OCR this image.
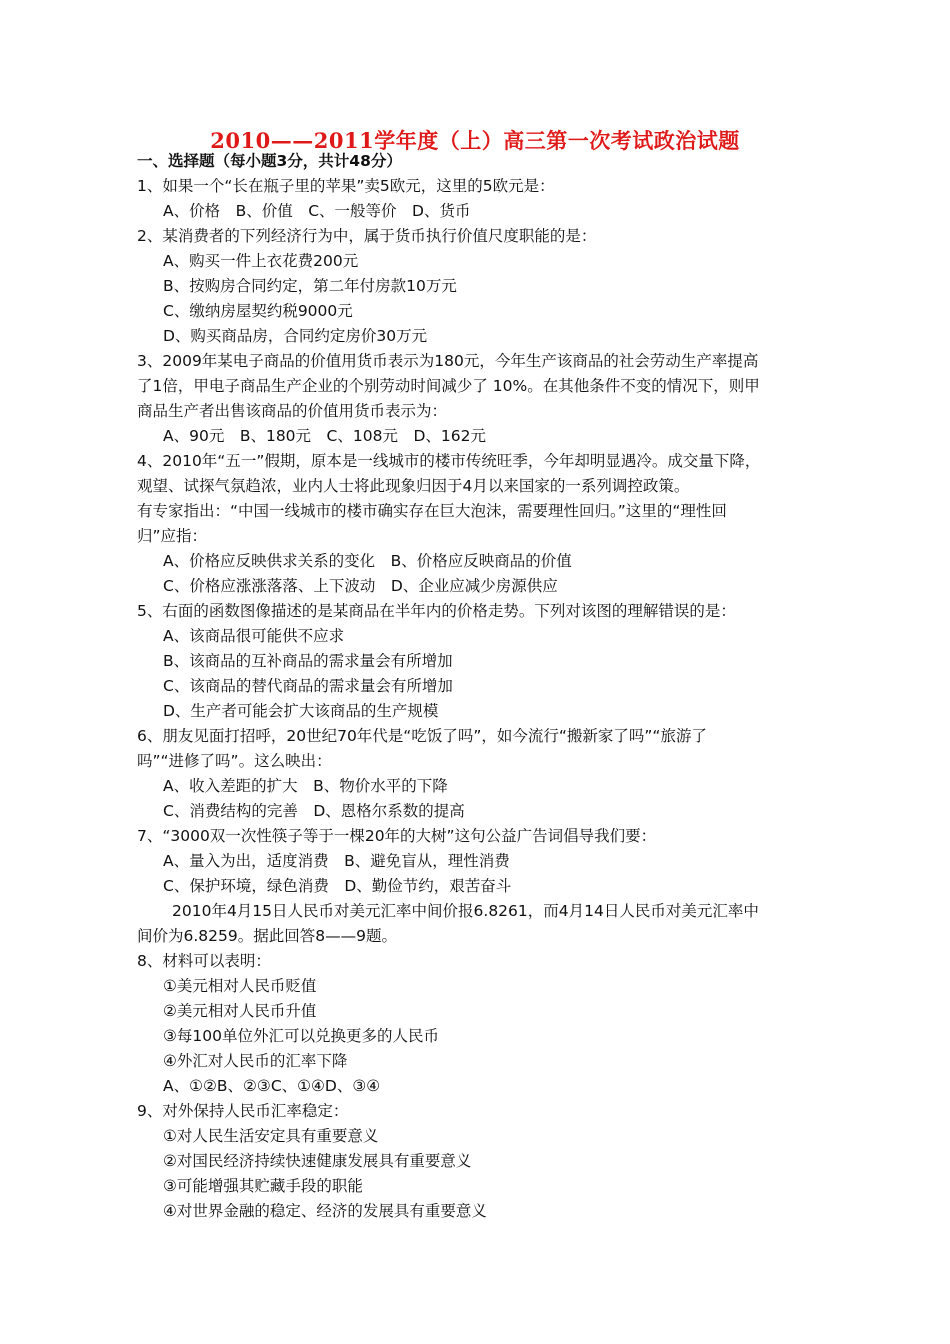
2010——2011学年度（上）高三第一次考试政治试题
一、选择题（每小题3分，共计48分）
1、如果一个“长在瓶子里的苹果”卖5欧元，这里的5欧元是：
A、价格　B、价值　C、一般等价　D、货币
2、某消费者的下列经济行为中，属于货币执行价值尺度职能的是：
A、购买一件上衣花费200元
B、按购房合同约定，第二年付房款10万元
C、缴纳房屋契约税9000元
D、购买商品房，合同约定房价30万元
3、2009年某电子商品的价值用货币表示为180元，今年生产该商品的社会劳动生产率提高
了1倍，甲电子商品生产企业的个别劳动时间减少了 10%。在其他条件不变的情况下，则甲
商品生产者出售该商品的价值用货币表示为：
A、90元　B、180元　C、108元　D、162元
4、2010年“五一”假期，原本是一线城市的楼市传统旺季，今年却明显遇冷。成交量下降，
观望、试探气氛趋浓，业内人士将此现象归因于4月以来国家的一系列调控政策。
有专家指出：“中国一线城市的楼市确实存在巨大泡沫，需要理性回归。”这里的“理性回
归”应指：
A、价格应反映供求关系的变化　B、价格应反映商品的价值
C、价格应涨涨落落、上下波动　D、企业应减少房源供应
5、右面的函数图像描述的是某商品在半年内的价格走势。下列对该图的理解错误的是：
A、该商品很可能供不应求
B、该商品的互补商品的需求量会有所增加
C、该商品的替代商品的需求量会有所增加
D、生产者可能会扩大该商品的生产规模
6、朋友见面打招呼，20世纪70年代是“吃饭了吗”，如今流行“搬新家了吗”“旅游了
吗”“进修了吗”。这么映出：
A、收入差距的扩大　B、物价水平的下降
C、消费结构的完善　D、恩格尔系数的提高
7、“3000双一次性筷子等于一棵20年的大树”这句公益广告词倡导我们要：
A、量入为出，适度消费　B、避免盲从，理性消费
C、保护环境，绿色消费　D、勤俭节约，艰苦奋斗
2010年4月15日人民币对美元汇率中间价报6.8261，而4月14日人民币对美元汇率中
间价为6.8259。据此回答8——9题。
8、材料可以表明：
①美元相对人民币贬值
②美元相对人民币升值
③每100单位外汇可以兑换更多的人民币
④外汇对人民币的汇率下降
A、①②B、②③C、①④D、③④
9、对外保持人民币汇率稳定：
①对人民生活安定具有重要意义
②对国民经济持续快速健康发展具有重要意义
③可能增强其贮藏手段的职能
④对世界金融的稳定、经济的发展具有重要意义
